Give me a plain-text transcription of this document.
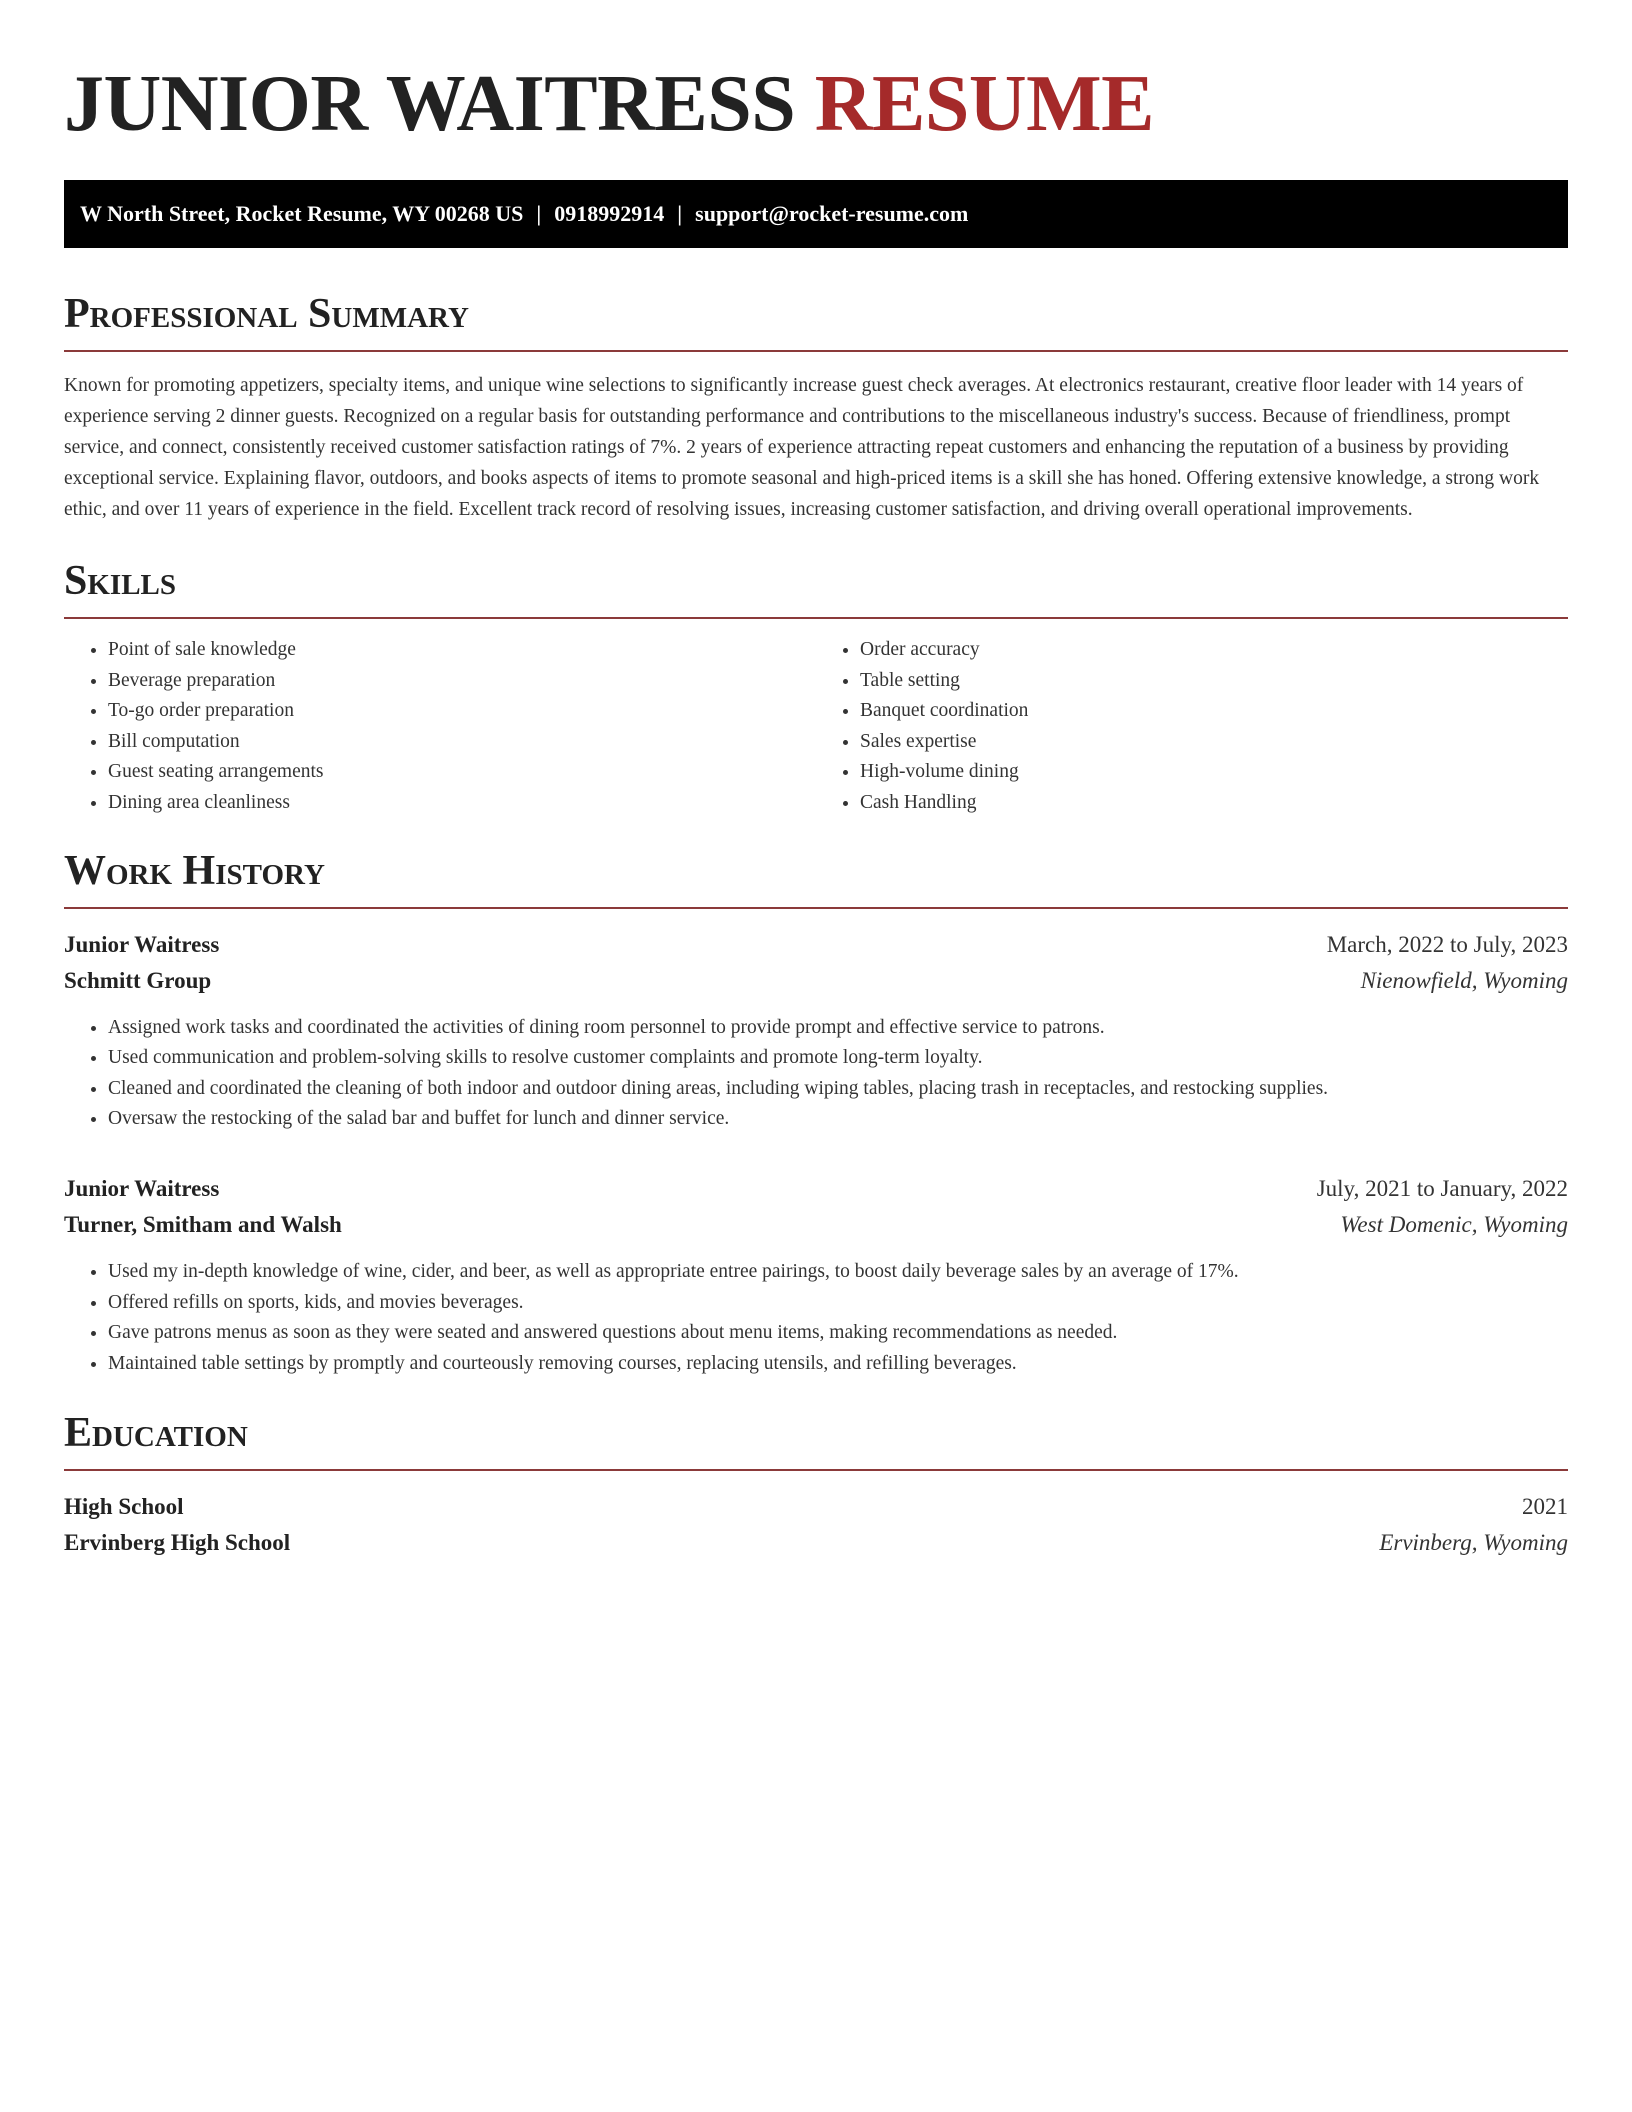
JUNIOR WAITRESS RESUME
W North Street, Rocket Resume, WY 00268 US | 0918992914 | support@rocket-resume.com
Professional Summary

Known for promoting appetizers, specialty items, and unique wine selections to significantly increase guest check averages. At electronics restaurant, creative floor leader with 14 years of experience serving 2 dinner guests. Recognized on a regular basis for outstanding performance and contributions to the miscellaneous industry's success. Because of friendliness, prompt service, and connect, consistently received customer satisfaction ratings of 7%. 2 years of experience attracting repeat customers and enhancing the reputation of a business by providing exceptional service. Explaining flavor, outdoors, and books aspects of items to promote seasonal and high-priced items is a skill she has honed. Offering extensive knowledge, a strong work ethic, and over 11 years of experience in the field. Excellent track record of resolving issues, increasing customer satisfaction, and driving overall operational improvements.

Skills
• Point of sale knowledge
• Beverage preparation
• To-go order preparation
• Bill computation
• Guest seating arrangements
• Dining area cleanliness
• Order accuracy
• Table setting
• Banquet coordination
• Sales expertise
• High-volume dining
• Cash Handling
Work History
Junior Waitress	March, 2022 to July, 2023
Schmitt Group	Nienowfield, Wyoming
• Assigned work tasks and coordinated the activities of dining room personnel to provide prompt and effective service to patrons.
• Used communication and problem-solving skills to resolve customer complaints and promote long-term loyalty.
• Cleaned and coordinated the cleaning of both indoor and outdoor dining areas, including wiping tables, placing trash in receptacles, and restocking supplies.
• Oversaw the restocking of the salad bar and buffet for lunch and dinner service.
Junior Waitress	July, 2021 to January, 2022
Turner, Smitham and Walsh	West Domenic, Wyoming
• Used my in-depth knowledge of wine, cider, and beer, as well as appropriate entree pairings, to boost daily beverage sales by an average of 17%.
• Offered refills on sports, kids, and movies beverages.
• Gave patrons menus as soon as they were seated and answered questions about menu items, making recommendations as needed.
• Maintained table settings by promptly and courteously removing courses, replacing utensils, and refilling beverages.
Education
High School	2021
Ervinberg High School	Ervinberg, Wyoming
